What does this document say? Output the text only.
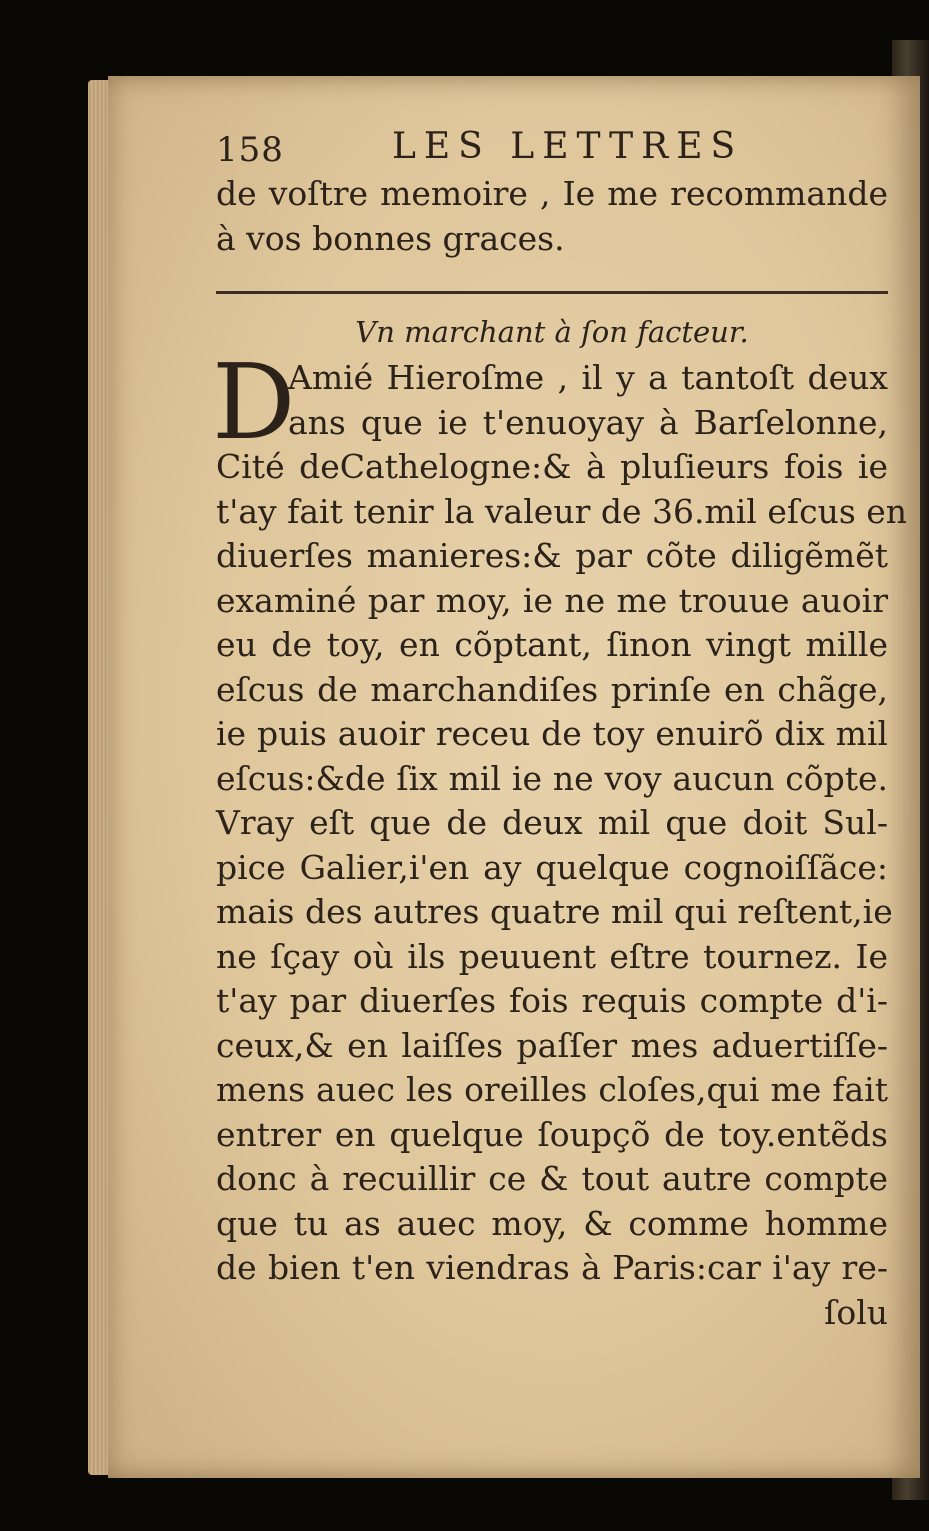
158	LES LETTRES
de voſtre memoire , Ie me recommande
à vos bonnes graces.
Vn marchant à ſon facteur.
D
Amié Hieroſme , il y a tantoſt deux
ans que ie t'enuoyay à Barſelonne,
Cité deCathelogne:& à pluſieurs fois ie
t'ay fait tenir la valeur de 36.mil eſcus en
diuerſes manieres:& par cõte diligẽmẽt
examiné par moy, ie ne me trouue auoir
eu de toy, en cõptant, ſinon vingt mille
eſcus de marchandiſes prinſe en chãge,
ie puis auoir receu de toy enuirõ dix mil
eſcus:&de ſix mil ie ne voy aucun cõpte.
Vray eſt que de deux mil que doit Sul-
pice Galier,i'en ay quelque cognoiſſãce:
mais des autres quatre mil qui reſtent,ie
ne ſçay où ils peuuent eſtre tournez. Ie
t'ay par diuerſes fois requis compte d'i-
ceux,& en laiſſes paſſer mes aduertiſſe-
mens auec les oreilles cloſes,qui me fait
entrer en quelque ſoupçõ de toy.entẽds
donc à recuillir ce & tout autre compte
que tu as auec moy, & comme homme
de bien t'en viendras à Paris:car i'ay re-
ſolu
